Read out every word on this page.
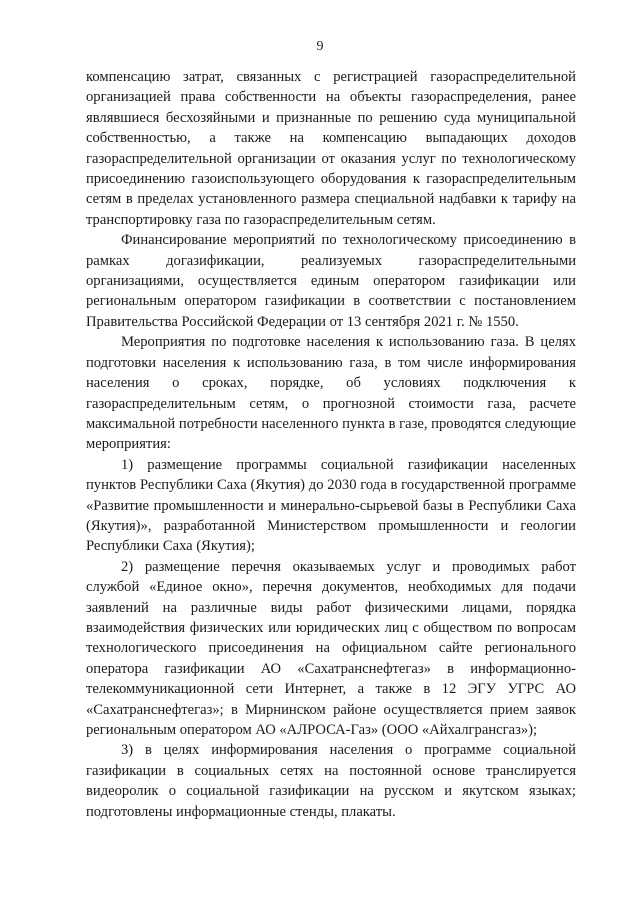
9

компенсацию затрат, связанных с регистрацией газораспределительной организацией права собственности на объекты газораспределения, ранее являвшиеся бесхозяйными и признанные по решению суда муниципальной собственностью, а также на компенсацию выпадающих доходов газораспределительной организации от оказания услуг по технологическому присоединению газоиспользующего оборудования к газораспределительным сетям в пределах установленного размера специальной надбавки к тарифу на транспортировку газа по газораспределительным сетям.

Финансирование мероприятий по технологическому присоединению в рамках догазификации, реализуемых газораспределительными организациями, осуществляется единым оператором газификации или региональным оператором газификации в соответствии с постановлением Правительства Российской Федерации от 13 сентября 2021 г. № 1550.

Мероприятия по подготовке населения к использованию газа. В целях подготовки населения к использованию газа, в том числе информирования населения о сроках, порядке, об условиях подключения к газораспределительным сетям, о прогнозной стоимости газа, расчете максимальной потребности населенного пункта в газе, проводятся следующие мероприятия:

1) размещение программы социальной газификации населенных пунктов Республики Саха (Якутия) до 2030 года в государственной программе «Развитие промышленности и минерально-сырьевой базы в Республики Саха (Якутия)», разработанной Министерством промышленности и геологии Республики Саха (Якутия);

2) размещение перечня оказываемых услуг и проводимых работ службой «Единое окно», перечня документов, необходимых для подачи заявлений на различные виды работ физическими лицами, порядка взаимодействия физических или юридических лиц с обществом по вопросам технологического присоединения на официальном сайте регионального оператора газификации АО «Сахатранснефтегаз» в информационно-телекоммуникационной сети Интернет, а также в 12 ЭГУ УГРС АО «Сахатранснефтегаз»; в Мирнинском районе осуществляется прием заявок региональным оператором АО «АЛРОСА-Газ» (ООО «Айхалгрансгаз»);

3) в целях информирования населения о программе социальной газификации в социальных сетях на постоянной основе транслируется видеоролик о социальной газификации на русском и якутском языках; подготовлены информационные стенды, плакаты.
